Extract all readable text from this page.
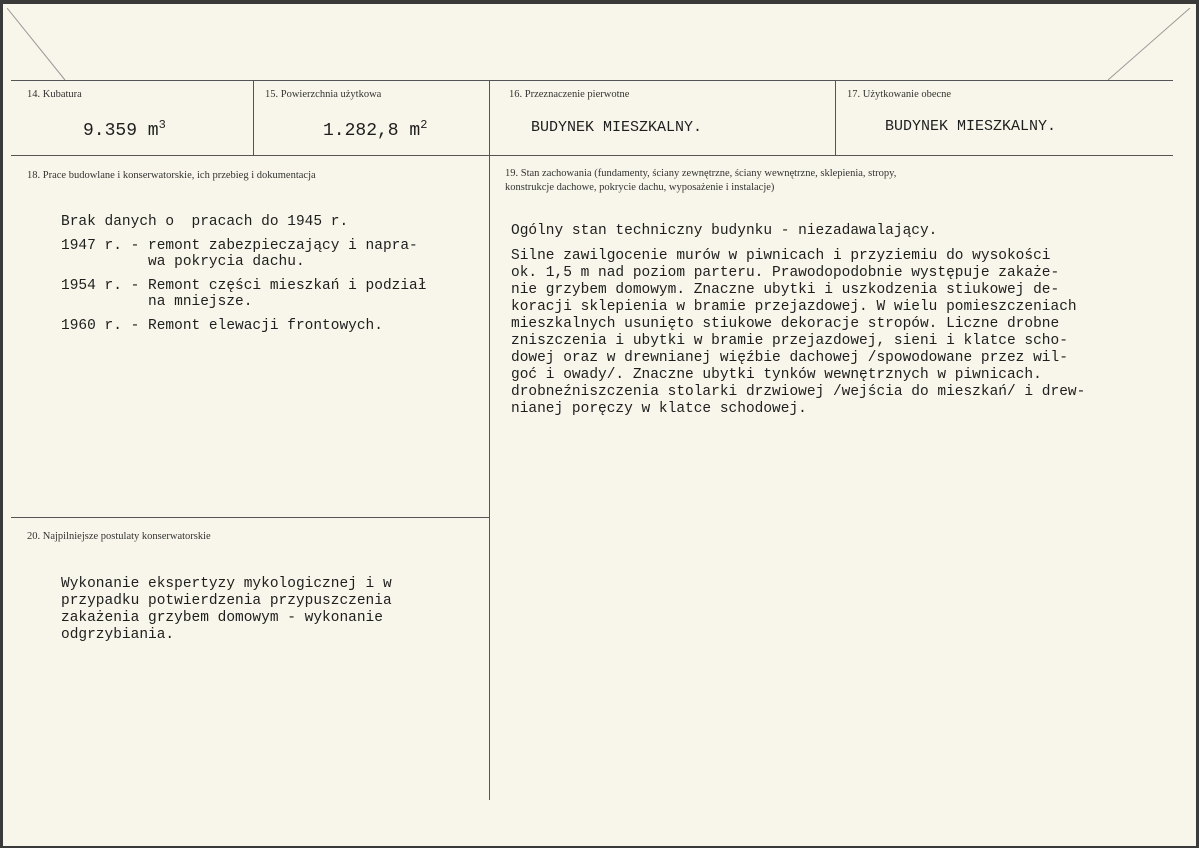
14. Kubatura
9.359 $m^3$
15. Powierzchnia użytkowa
1.282,8 $m^2$
16. Przeznaczenie pierwotne
BUDYNEK MIESZKALNY.
17. Użytkowanie obecne
BUDYNEK MIESZKALNY.
18. Prace budowlane i konserwatorskie, ich przebieg i dokumentacja

Brak danych o  pracach do 1945 r.
1947 r. - remont zabezpieczający i napra-
wa pokrycia dachu.
1954 r. - Remont części mieszkań i podział
na mniejsze.
1960 r. - Remont elewacji frontowych.
19. Stan zachowania (fundamenty, ściany zewnętrzne, ściany wewnętrzne, sklepienia, stropy,
konstrukcje dachowe, pokrycie dachu, wyposażenie i instalacje)

Ogólny stan techniczny budynku - niezadawalający.
Silne zawilgocenie murów w piwnicach i przyziemiu do wysokości
ok. 1,5 m nad poziom parteru. Prawodopodobnie występuje zakaże-
nie grzybem domowym. Znaczne ubytki i uszkodzenia stiukowej de-
koracji sklepienia w bramie przejazdowej. W wielu pomieszczeniach
mieszkalnych usunięto stiukowe dekoracje stropów. Liczne drobne
zniszczenia i ubytki w bramie przejazdowej, sieni i klatce scho-
dowej oraz w drewnianej więźbie dachowej /spowodowane przez wil-
goć i owady/. Znaczne ubytki tynków wewnętrznych w piwnicach.
drobneźniszczenia stolarki drzwiowej /wejścia do mieszkań/ i drew-
nianej poręczy w klatce schodowej.
20. Najpilniejsze postulaty konserwatorskie

Wykonanie ekspertyzy mykologicznej i w
przypadku potwierdzenia przypuszczenia
zakażenia grzybem domowym - wykonanie
odgrzybiania.
